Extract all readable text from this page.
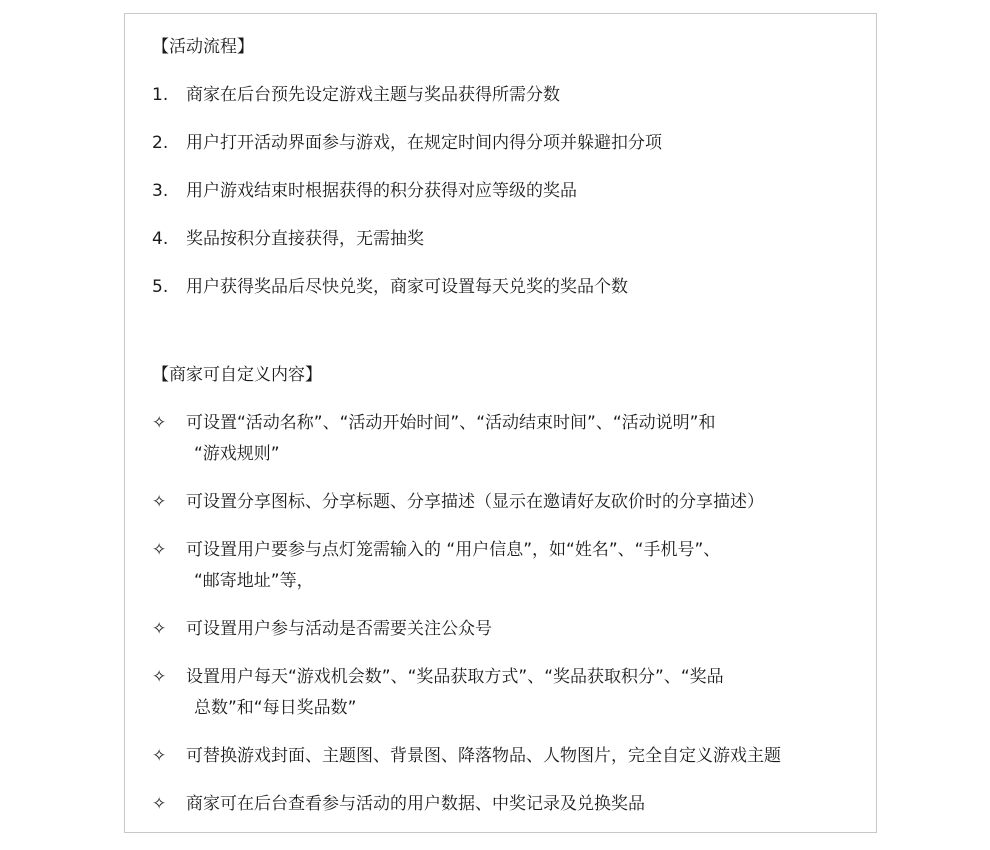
【活动流程】
1.	商家在后台预先设定游戏主题与奖品获得所需分数
2.	用户打开活动界面参与游戏，在规定时间内得分项并躲避扣分项
3.	用户游戏结束时根据获得的积分获得对应等级的奖品
4.	奖品按积分直接获得，无需抽奖
5.	用户获得奖品后尽快兑奖，商家可设置每天兑奖的奖品个数
【商家可自定义内容】
✧	可设置“活动名称”、“活动开始时间”、“活动结束时间”、“活动说明”和
“游戏规则”
✧	可设置分享图标、分享标题、分享描述（显示在邀请好友砍价时的分享描述）
✧	可设置用户要参与点灯笼需输入的 “用户信息”，如“姓名”、“手机号”、
“邮寄地址”等，
✧	可设置用户参与活动是否需要关注公众号
✧	设置用户每天“游戏机会数”、“奖品获取方式”、“奖品获取积分”、“奖品
总数”和“每日奖品数”
✧	可替换游戏封面、主题图、背景图、降落物品、人物图片，完全自定义游戏主题
✧	商家可在后台查看参与活动的用户数据、中奖记录及兑换奖品
